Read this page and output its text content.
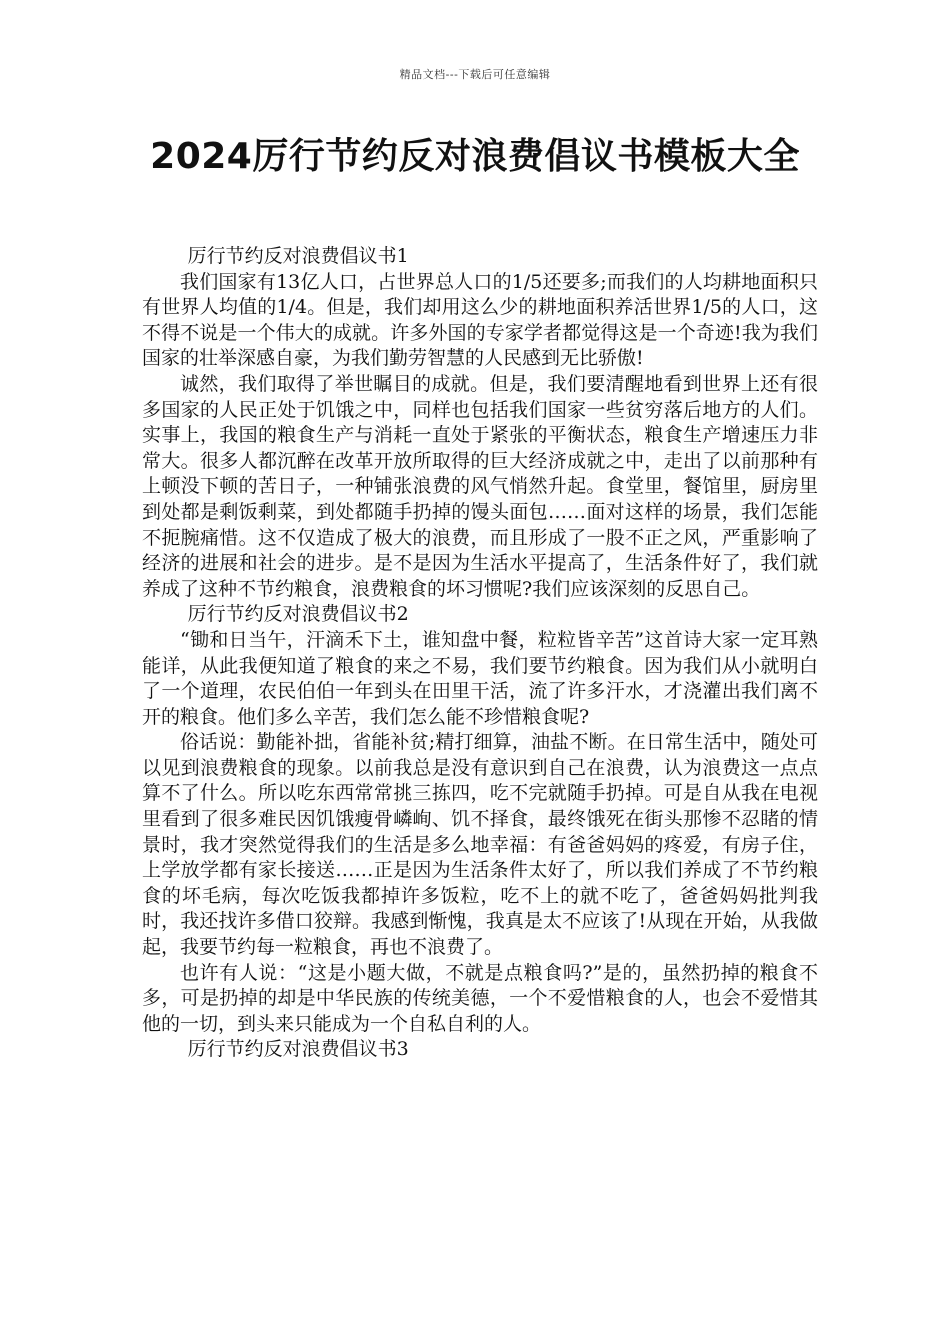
精品文档---下载后可任意编辑
2024厉行节约反对浪费倡议书模板大全

厉行节约反对浪费倡议书1

我们国家有13亿人口，占世界总人口的1/5还要多;而我们的人均耕地面积只有世界人均值的1/4。但是，我们却用这么少的耕地面积养活世界1/5的人口，这不得不说是一个伟大的成就。许多外国的专家学者都觉得这是一个奇迹!我为我们国家的壮举深感自豪，为我们勤劳智慧的人民感到无比骄傲!

诚然，我们取得了举世瞩目的成就。但是，我们要清醒地看到世界上还有很多国家的人民正处于饥饿之中，同样也包括我们国家一些贫穷落后地方的人们。实事上，我国的粮食生产与消耗一直处于紧张的平衡状态，粮食生产增速压力非常大。很多人都沉醉在改革开放所取得的巨大经济成就之中，走出了以前那种有上顿没下顿的苦日子，一种铺张浪费的风气悄然升起。食堂里，餐馆里，厨房里到处都是剩饭剩菜，到处都随手扔掉的馒头面包……面对这样的场景，我们怎能不扼腕痛惜。这不仅造成了极大的浪费，而且形成了一股不正之风，严重影响了经济的进展和社会的进步。是不是因为生活水平提高了，生活条件好了，我们就养成了这种不节约粮食，浪费粮食的坏习惯呢?我们应该深刻的反思自己。

厉行节约反对浪费倡议书2

“锄和日当午，汗滴禾下土，谁知盘中餐，粒粒皆辛苦”这首诗大家一定耳熟能详，从此我便知道了粮食的来之不易，我们要节约粮食。因为我们从小就明白了一个道理，农民伯伯一年到头在田里干活，流了许多汗水，才浇灌出我们离不开的粮食。他们多么辛苦，我们怎么能不珍惜粮食呢?

俗话说：勤能补拙，省能补贫;精打细算，油盐不断。在日常生活中，随处可以见到浪费粮食的现象。以前我总是没有意识到自己在浪费，认为浪费这一点点算不了什么。所以吃东西常常挑三拣四，吃不完就随手扔掉。可是自从我在电视里看到了很多难民因饥饿瘦骨嶙峋、饥不择食，最终饿死在街头那惨不忍睹的情景时，我才突然觉得我们的生活是多么地幸福：有爸爸妈妈的疼爱，有房子住，上学放学都有家长接送……正是因为生活条件太好了，所以我们养成了不节约粮食的坏毛病，每次吃饭我都掉许多饭粒，吃不上的就不吃了，爸爸妈妈批判我时，我还找许多借口狡辩。我感到惭愧，我真是太不应该了!从现在开始，从我做起，我要节约每一粒粮食，再也不浪费了。

也许有人说：“这是小题大做，不就是点粮食吗?”是的，虽然扔掉的粮食不多，可是扔掉的却是中华民族的传统美德，一个不爱惜粮食的人，也会不爱惜其他的一切，到头来只能成为一个自私自利的人。

厉行节约反对浪费倡议书3
